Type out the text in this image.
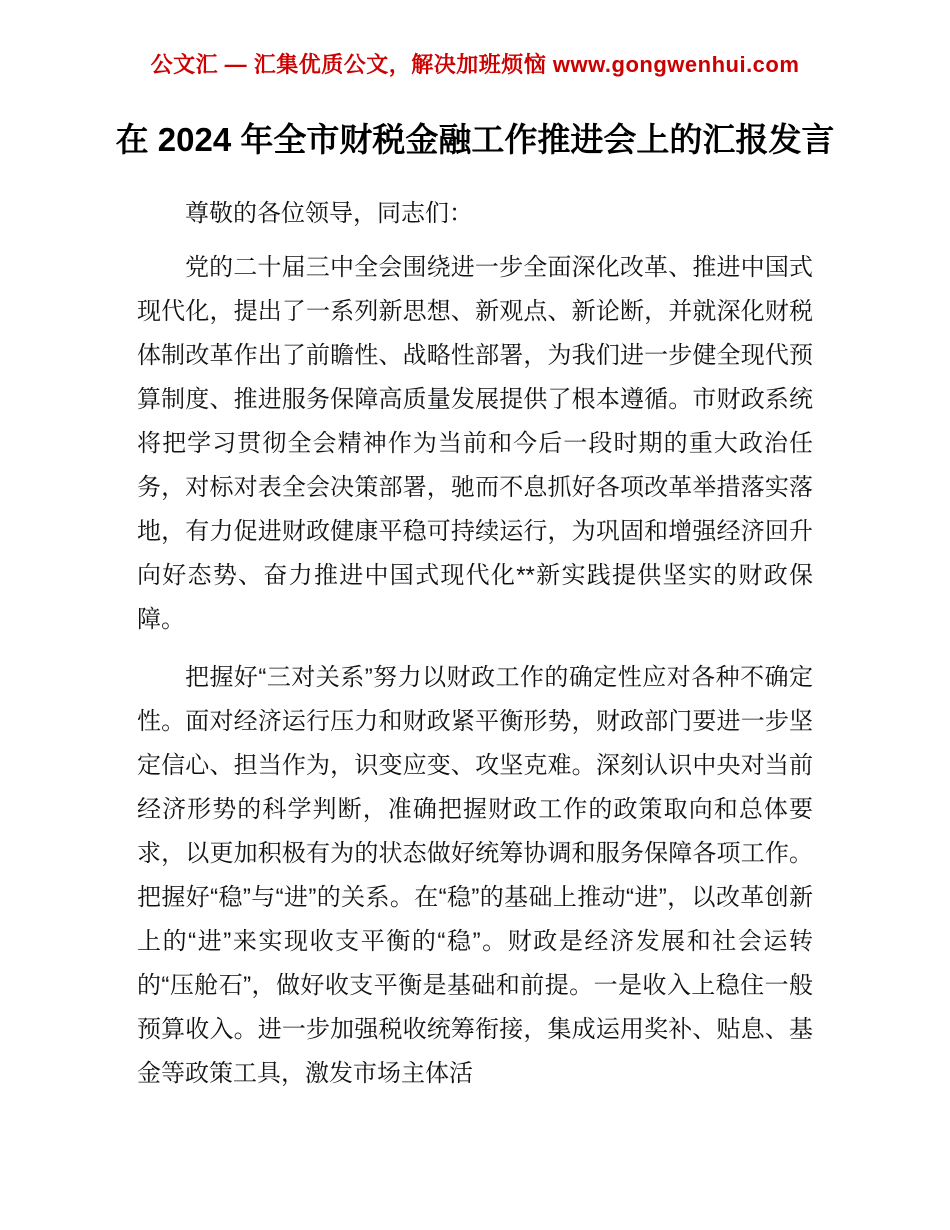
公文汇 — 汇集优质公文，解决加班烦恼 www.gongwenhui.com
在 2024 年全市财税金融工作推进会上的汇报发言

尊敬的各位领导，同志们：

党的二十届三中全会围绕进一步全面深化改革、推进中国式现代化，提出了一系列新思想、新观点、新论断，并就深化财税体制改革作出了前瞻性、战略性部署，为我们进一步健全现代预算制度、推进服务保障高质量发展提供了根本遵循。市财政系统将把学习贯彻全会精神作为当前和今后一段时期的重大政治任务，对标对表全会决策部署，驰而不息抓好各项改革举措落实落地，有力促进财政健康平稳可持续运行，为巩固和增强经济回升向好态势、奋力推进中国式现代化**新实践提供坚实的财政保障。

把握好“三对关系”努力以财政工作的确定性应对各种不确定性。面对经济运行压力和财政紧平衡形势，财政部门要进一步坚定信心、担当作为，识变应变、攻坚克难。深刻认识中央对当前经济形势的科学判断，准确把握财政工作的政策取向和总体要求，以更加积极有为的状态做好统筹协调和服务保障各项工作。把握好“稳”与“进”的关系。在“稳”的基础上推动“进”，以改革创新上的“进”来实现收支平衡的“稳”。财政是经济发展和社会运转的“压舱石”，做好收支平衡是基础和前提。一是收入上稳住一般预算收入。进一步加强税收统筹衔接，集成运用奖补、贴息、基金等政策工具，激发市场主体活
